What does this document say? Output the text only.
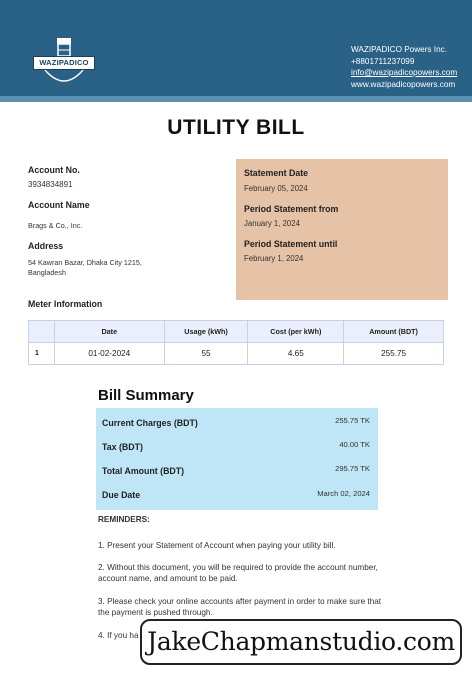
WAZIPADICO
WAZIPADICO Powers Inc.
+8801711237099
info@wazipadicopowers.com
www.wazipadicopowers.com
UTILITY BILL
Account No.
3934834891
Account Name
Brags & Co., Inc.
Address
54 Kawran Bazar, Dhaka City 1215,
Bangladesh
Statement Date
February 05, 2024
Period Statement from
January 1, 2024
Period Statement until
February 1, 2024
Meter Information
	Date	Usage (kWh)	Cost (per kWh)	Amount (BDT)
1	01-02-2024	55	4.65	255.75
Bill Summary
Current Charges (BDT)	255.75 TK
Tax (BDT)	40.00 TK
Total Amount (BDT)	295.75 TK
Due Date	March 02, 2024
REMINDERS:
1. Present your Statement of Account when paying your utility bill.
2. Without this document, you will be required to provide the account number, account name, and amount to be paid.
3. Please check your online accounts after payment in order to make sure that the payment is pushed through.
4. If you ha JakeChapmanstudio.com
